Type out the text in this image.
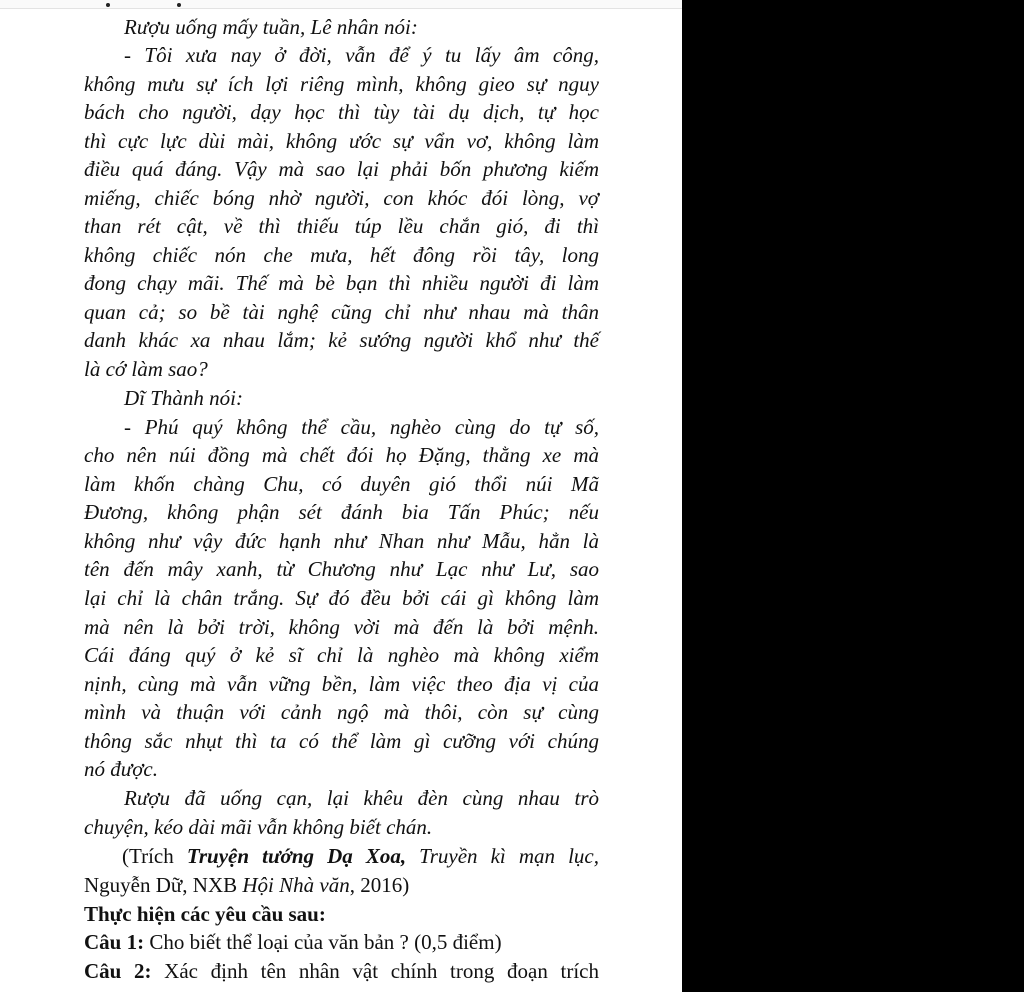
Rượu uống mấy tuần, Lê nhân nói:
- Tôi xưa nay ở đời, vẫn để ý tu lấy âm công,
không mưu sự ích lợi riêng mình, không gieo sự nguy
bách cho người, dạy học thì tùy tài dụ dịch, tự học
thì cực lực dùi mài, không ước sự vẩn vơ, không làm
điều quá đáng. Vậy mà sao lại phải bốn phương kiếm
miếng, chiếc bóng nhờ người, con khóc đói lòng, vợ
than rét cật, về thì thiếu túp lều chắn gió, đi thì
không chiếc nón che mưa, hết đông rồi tây, long
đong chạy mãi. Thế mà bè bạn thì nhiều người đi làm
quan cả; so bề tài nghệ cũng chỉ như nhau mà thân
danh khác xa nhau lắm; kẻ sướng người khổ như thế
là cớ làm sao?
Dĩ Thành nói:
- Phú quý không thể cầu, nghèo cùng do tự số,
cho nên núi đồng mà chết đói họ Đặng, thằng xe mà
làm khốn chàng Chu, có duyên gió thổi núi Mã
Đương, không phận sét đánh bia Tấn Phúc; nếu
không như vậy đức hạnh như Nhan như Mẫu, hẳn là
tên đến mây xanh, từ Chương như Lạc như Lư, sao
lại chỉ là chân trắng. Sự đó đều bởi cái gì không làm
mà nên là bởi trời, không vời mà đến là bởi mệnh.
Cái đáng quý ở kẻ sĩ chỉ là nghèo mà không xiểm
nịnh, cùng mà vẫn vững bền, làm việc theo địa vị của
mình và thuận với cảnh ngộ mà thôi, còn sự cùng
thông sắc nhụt thì ta có thể làm gì cưỡng với chúng
nó được.
Rượu đã uống cạn, lại khêu đèn cùng nhau trò
chuyện, kéo dài mãi vẫn không biết chán.
(Trích Truyện tướng Dạ Xoa, Truyền kì mạn lục,
Nguyễn Dữ, NXB Hội Nhà văn, 2016)
Thực hiện các yêu cầu sau:
Câu 1: Cho biết thể loại của văn bản ? (0,5 điểm)
Câu 2: Xác định tên nhân vật chính trong đoạn trích
